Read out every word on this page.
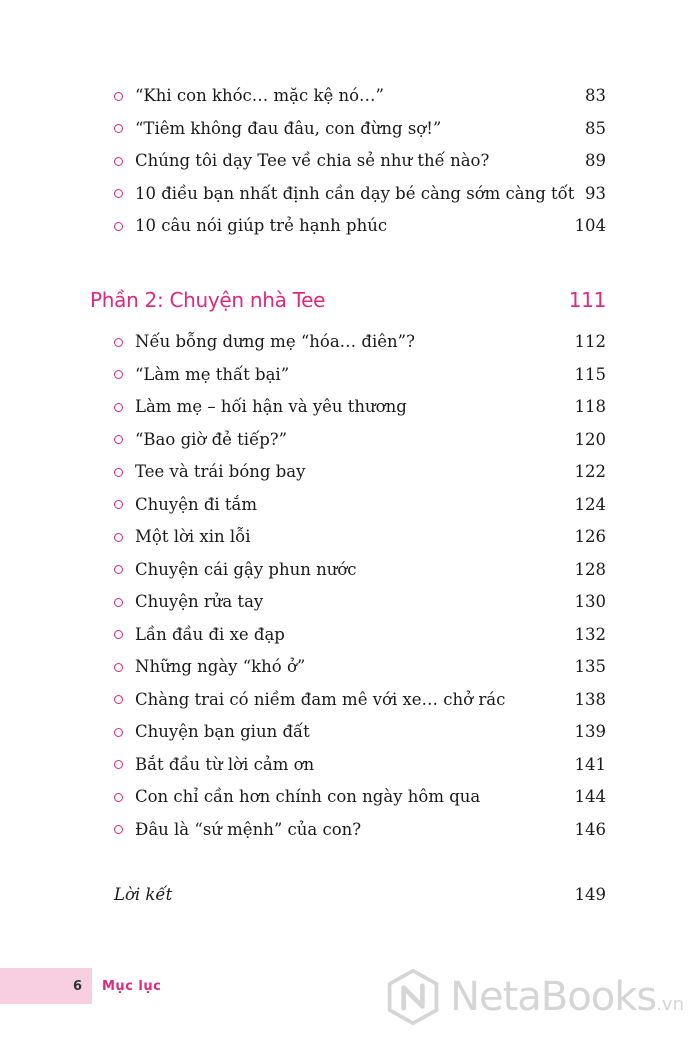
“Khi con khóc… mặc kệ nó…”	83
“Tiêm không đau đâu, con đừng sợ!”	85
Chúng tôi dạy Tee về chia sẻ như thế nào?	89
10 điều bạn nhất định cần dạy bé càng sớm càng tốt 93
10 câu nói giúp trẻ hạnh phúc	104
Phần 2: Chuyện nhà Tee	111
Nếu bỗng dưng mẹ “hóa… điên”?	112
“Làm mẹ thất bại”	115
Làm mẹ – hối hận và yêu thương	118
“Bao giờ đẻ tiếp?”	120
Tee và trái bóng bay	122
Chuyện đi tắm	124
Một lời xin lỗi	126
Chuyện cái gậy phun nước	128
Chuyện rửa tay	130
Lần đầu đi xe đạp	132
Những ngày “khó ở”	135
Chàng trai có niềm đam mê với xe… chở rác	138
Chuyện bạn giun đất	139
Bắt đầu từ lời cảm ơn	141
Con chỉ cần hơn chính con ngày hôm qua	144
Đâu là “sứ mệnh” của con?	146
Lời kết	149
6 Mục lục	NetaBooks.vn
